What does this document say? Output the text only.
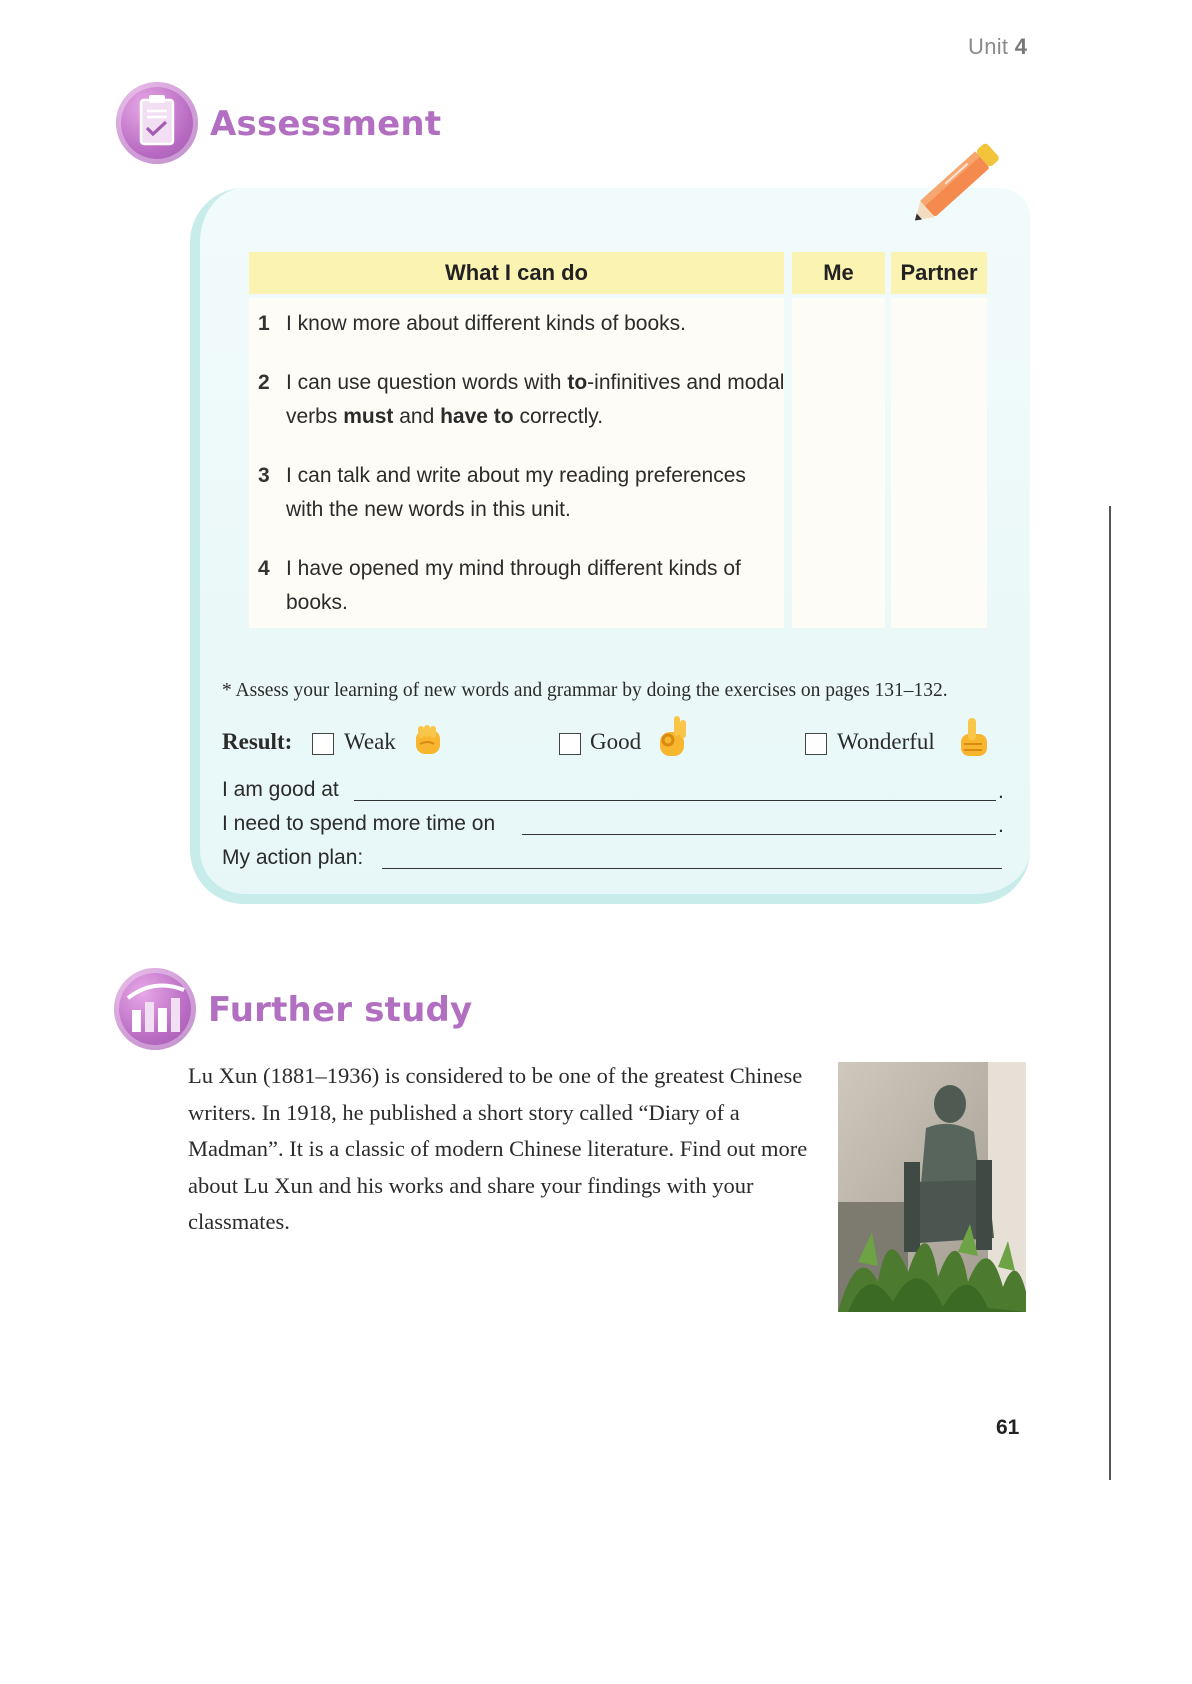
Unit 4
Assessment
What I can do	Me	Partner
1 I know more about different kinds of books.
2 I can use question words with to-infinitives and modal verbs must and have to correctly.
3 I can talk and write about my reading preferences with the new words in this unit.
4 I have opened my mind through different kinds of books.
* Assess your learning of new words and grammar by doing the exercises on pages 131–132.
Result: Weak	Good	Wonderful
I am good at	.
I need to spend more time on	.
My action plan:
Further study
Lu Xun (1881–1936) is considered to be one of the greatest Chinese writers. In 1918, he published a short story called “Diary of a Madman”. It is a classic of modern Chinese literature. Find out more about Lu Xun and his works and share your findings with your classmates.
61
